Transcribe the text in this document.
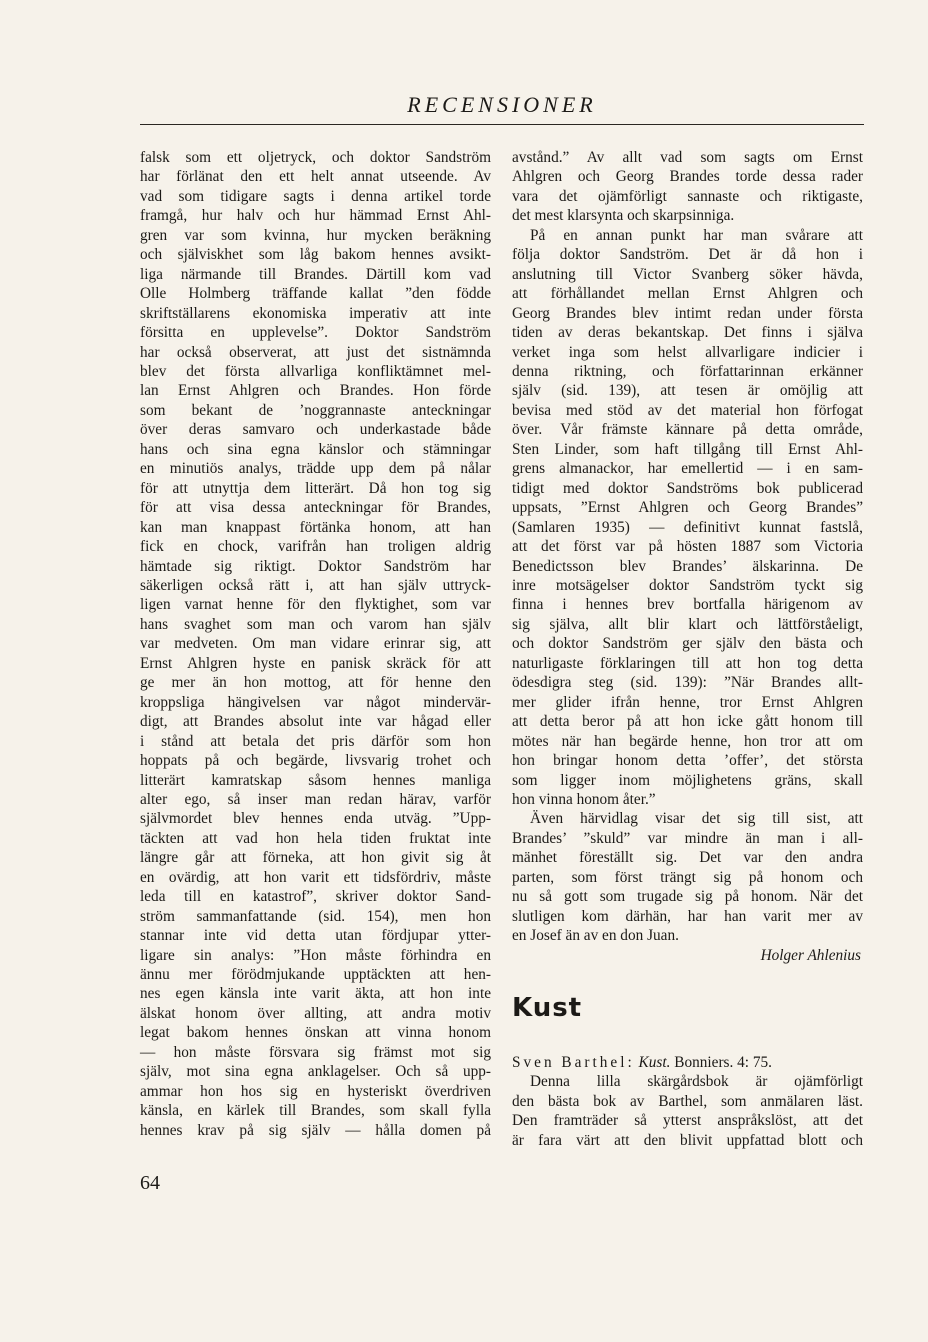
RECENSIONER
falsk som ett oljetryck, och doktor Sandström
har förlänat den ett helt annat utseende. Av
vad som tidigare sagts i denna artikel torde
framgå, hur halv och hur hämmad Ernst Ahl-
gren var som kvinna, hur mycken beräkning
och själviskhet som låg bakom hennes avsikt-
liga närmande till Brandes. Därtill kom vad
Olle Holmberg träffande kallat ”den födde
skriftställarens ekonomiska imperativ att inte
försitta en upplevelse”. Doktor Sandström
har också observerat, att just det sistnämnda
blev det första allvarliga konfliktämnet mel-
lan Ernst Ahlgren och Brandes. Hon förde
som bekant de ’noggrannaste anteckningar
över deras samvaro och underkastade både
hans och sina egna känslor och stämningar
en minutiös analys, trädde upp dem på nålar
för att utnyttja dem litterärt. Då hon tog sig
för att visa dessa anteckningar för Brandes,
kan man knappast förtänka honom, att han
fick en chock, varifrån han troligen aldrig
hämtade sig riktigt. Doktor Sandström har
säkerligen också rätt i, att han själv uttryck-
ligen varnat henne för den flyktighet, som var
hans svaghet som man och varom han själv
var medveten. Om man vidare erinrar sig, att
Ernst Ahlgren hyste en panisk skräck för att
ge mer än hon mottog, att för henne den
kroppsliga hängivelsen var något mindervär-
digt, att Brandes absolut inte var hågad eller
i stånd att betala det pris därför som hon
hoppats på och begärde, livsvarig trohet och
litterärt kamratskap såsom hennes manliga
alter ego, så inser man redan härav, varför
självmordet blev hennes enda utväg. ”Upp-
täckten att vad hon hela tiden fruktat inte
längre går att förneka, att hon givit sig åt
en ovärdig, att hon varit ett tidsfördriv, måste
leda till en katastrof”, skriver doktor Sand-
ström sammanfattande (sid. 154), men hon
stannar inte vid detta utan fördjupar ytter-
ligare sin analys: ”Hon måste förhindra en
ännu mer förödmjukande upptäckten att hen-
nes egen känsla inte varit äkta, att hon inte
älskat honom över allting, att andra motiv
legat bakom hennes önskan att vinna honom
— hon måste försvara sig främst mot sig
själv, mot sina egna anklagelser. Och så upp-
ammar hon hos sig en hysteriskt överdriven
känsla, en kärlek till Brandes, som skall fylla
hennes krav på sig själv — hålla domen på
avstånd.” Av allt vad som sagts om Ernst
Ahlgren och Georg Brandes torde dessa rader
vara det ojämförligt sannaste och riktigaste,
det mest klarsynta och skarpsinniga.
På en annan punkt har man svårare att
följa doktor Sandström. Det är då hon i
anslutning till Victor Svanberg söker hävda,
att förhållandet mellan Ernst Ahlgren och
Georg Brandes blev intimt redan under första
tiden av deras bekantskap. Det finns i själva
verket inga som helst allvarligare indicier i
denna riktning, och författarinnan erkänner
själv (sid. 139), att tesen är omöjlig att
bevisa med stöd av det material hon förfogat
över. Vår främste kännare på detta område,
Sten Linder, som haft tillgång till Ernst Ahl-
grens almanackor, har emellertid — i en sam-
tidigt med doktor Sandströms bok publicerad
uppsats, ”Ernst Ahlgren och Georg Brandes”
(Samlaren 1935) — definitivt kunnat fastslå,
att det först var på hösten 1887 som Victoria
Benedictsson blev Brandes’ älskarinna. De
inre motsägelser doktor Sandström tyckt sig
finna i hennes brev bortfalla härigenom av
sig själva, allt blir klart och lättförståeligt,
och doktor Sandström ger själv den bästa och
naturligaste förklaringen till att hon tog detta
ödesdigra steg (sid. 139): ”När Brandes allt-
mer glider ifrån henne, tror Ernst Ahlgren
att detta beror på att hon icke gått honom till
mötes när han begärde henne, hon tror att om
hon bringar honom detta ’offer’, det största
som ligger inom möjlighetens gräns, skall
hon vinna honom åter.”
Även härvidlag visar det sig till sist, att
Brandes’ ”skuld” var mindre än man i all-
mänhet föreställt sig. Det var den andra
parten, som först trängt sig på honom och
nu så gott som trugade sig på honom. När det
slutligen kom därhän, har han varit mer av
en Josef än av en don Juan.
Holger Ahlenius
Kust
Sven Barthel: Kust. Bonniers. 4: 75.
Denna lilla skärgårdsbok är ojämförligt
den bästa bok av Barthel, som anmälaren läst.
Den framträder så ytterst anspråkslöst, att det
är fara värt att den blivit uppfattad blott och
64
